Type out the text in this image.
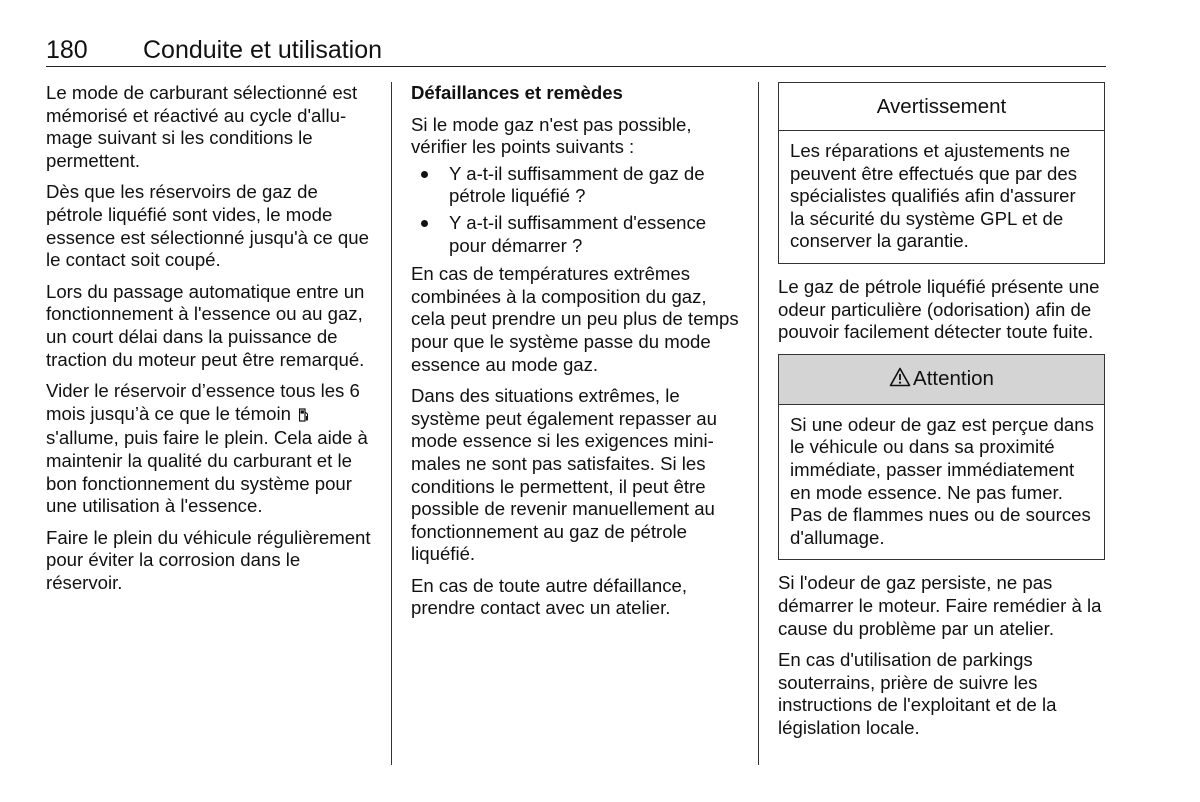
180 Conduite et utilisation

Le mode de carburant sélectionné est mémorisé et réactivé au cycle d'allumage suivant si les conditions le permettent.

Dès que les réservoirs de gaz de pétrole liquéfié sont vides, le mode essence est sélectionné jusqu'à ce que le contact soit coupé.

Lors du passage automatique entre un fonctionnement à l'essence ou au gaz, un court délai dans la puissance de traction du moteur peut être remarqué.

Vider le réservoir d’essence tous les 6 mois jusqu’à ce que le témoin  s'allume, puis faire le plein. Cela aide à maintenir la qualité du carburant et le bon fonctionnement du système pour une utilisation à l'essence.

Faire le plein du véhicule régulièrement pour éviter la corrosion dans le réservoir.

Défaillances et remèdes

Si le mode gaz n'est pas possible, vérifier les points suivants :

Y a-t-il suffisamment de gaz de pétrole liquéfié ?
Y a-t-il suffisamment d'essence pour démarrer ?

En cas de températures extrêmes combinées à la composition du gaz, cela peut prendre un peu plus de temps pour que le système passe du mode essence au mode gaz.

Dans des situations extrêmes, le système peut également repasser au mode essence si les exigences minimales ne sont pas satisfaites. Si les conditions le permettent, il peut être possible de revenir manuellement au fonctionnement au gaz de pétrole liquéfié.

En cas de toute autre défaillance, prendre contact avec un atelier.

Avertissement
Les réparations et ajustements ne peuvent être effectués que par des spécialistes qualifiés afin d'assurer la sécurité du système GPL et de conserver la garantie.

Le gaz de pétrole liquéfié présente une odeur particulière (odorisation) afin de pouvoir facilement détecter toute fuite.

Attention
Si une odeur de gaz est perçue dans le véhicule ou dans sa proximité immédiate, passer immédiatement en mode essence. Ne pas fumer. Pas de flammes nues ou de sources d'allumage.

Si l'odeur de gaz persiste, ne pas démarrer le moteur. Faire remédier à la cause du problème par un atelier.

En cas d'utilisation de parkings souterrains, prière de suivre les instructions de l'exploitant et de la législation locale.
